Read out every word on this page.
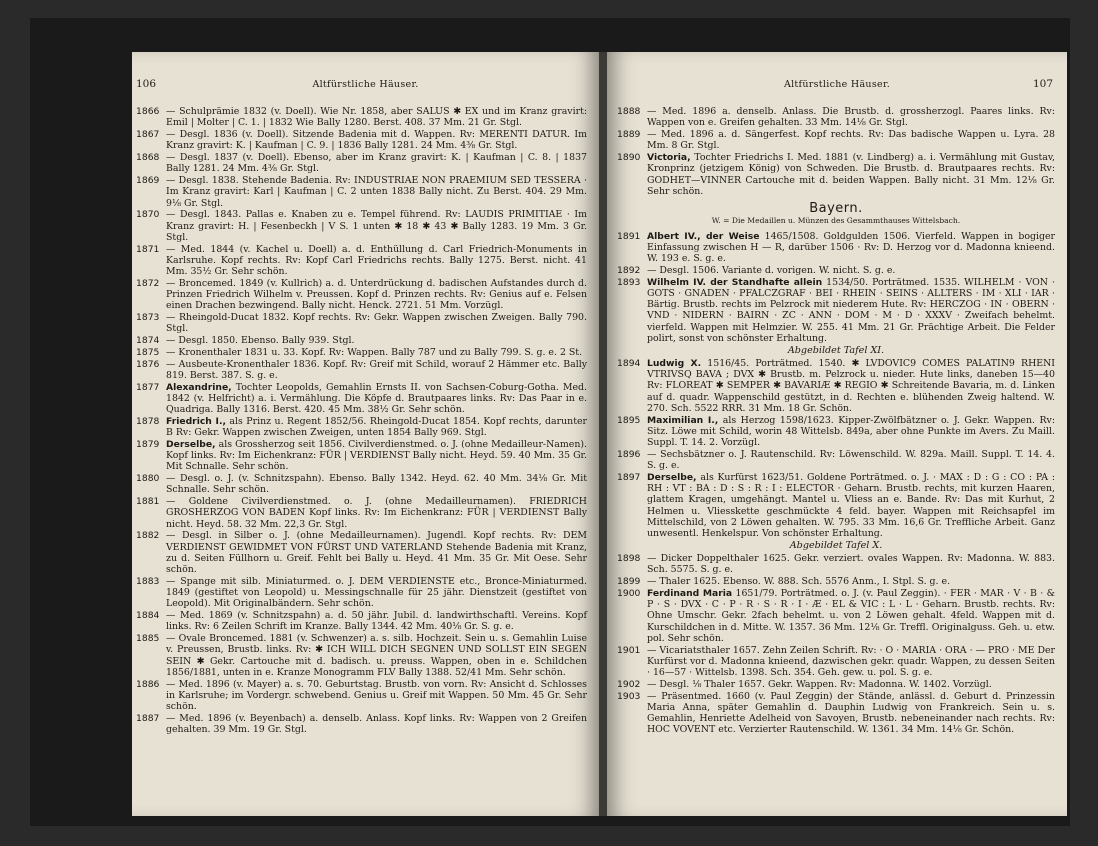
106	Altfürstliche Häuser.

1866 — Schulprämie 1832 (v. Doell). Wie Nr. 1858, aber SALUS ✱ EX und im Kranz gravirt: Emil | Molter | C. 1. | 1832 Wie Bally 1280. Berst. 408. 37 Mm. 21 Gr. Stgl.

1867 — Desgl. 1836 (v. Doell). Sitzende Badenia mit d. Wappen. Rv: MERENTI DATUR. Im Kranz gravirt: K. | Kaufman | C. 9. | 1836 Bally 1281. 24 Mm. 4⅜ Gr. Stgl.

1868 — Desgl. 1837 (v. Doell). Ebenso, aber im Kranz gravirt: K. | Kaufman | C. 8. | 1837 Bally 1281. 24 Mm. 4⅜ Gr. Stgl.

1869 — Desgl. 1838. Stehende Badenia. Rv: INDUSTRIAE NON PRAEMIUM SED TESSERA · Im Kranz gravirt: Karl | Kaufman | C. 2 unten 1838 Bally nicht. Zu Berst. 404. 29 Mm. 9⅛ Gr. Stgl.

1870 — Desgl. 1843. Pallas e. Knaben zu e. Tempel führend. Rv: LAUDIS PRIMITIAE · Im Kranz gravirt: H. | Fesenbeckh | V S. 1 unten ✱ 18 ✱ 43 ✱ Bally 1283. 19 Mm. 3 Gr. Stgl.

1871 — Med. 1844 (v. Kachel u. Doell) a. d. Enthüllung d. Carl Friedrich-Monuments in Karlsruhe. Kopf rechts. Rv: Kopf Carl Friedrichs rechts. Bally 1275. Berst. nicht. 41 Mm. 35½ Gr. Sehr schön.

1872 — Broncemed. 1849 (v. Kullrich) a. d. Unterdrückung d. badischen Aufstandes durch d. Prinzen Friedrich Wilhelm v. Preussen. Kopf d. Prinzen rechts. Rv: Genius auf e. Felsen einen Drachen bezwingend. Bally nicht. Henck. 2721. 51 Mm. Vorzügl.

1873 — Rheingold-Ducat 1832. Kopf rechts. Rv: Gekr. Wappen zwischen Zweigen. Bally 790. Stgl.

1874 — Desgl. 1850. Ebenso. Bally 939. Stgl.

1875 — Kronenthaler 1831 u. 33. Kopf. Rv: Wappen. Bally 787 und zu Bally 799. S. g. e. 2 St.

1876 — Ausbeute-Kronenthaler 1836. Kopf. Rv: Greif mit Schild, worauf 2 Hämmer etc. Bally 819. Berst. 387. S. g. e.

1877 Alexandrine, Tochter Leopolds, Gemahlin Ernsts II. von Sachsen-Coburg-Gotha. Med. 1842 (v. Helfricht) a. i. Vermählung. Die Köpfe d. Brautpaares links. Rv: Das Paar in e. Quadriga. Bally 1316. Berst. 420. 45 Mm. 38½ Gr. Sehr schön.

1878 Friedrich I., als Prinz u. Regent 1852/56. Rheingold-Ducat 1854. Kopf rechts, darunter B Rv: Gekr. Wappen zwischen Zweigen, unten 1854 Bally 969. Stgl.

1879 Derselbe, als Grossherzog seit 1856. Civilverdienstmed. o. J. (ohne Medailleur-Namen). Kopf links. Rv: Im Eichenkranz: FÜR | VERDIENST Bally nicht. Heyd. 59. 40 Mm. 35 Gr. Mit Schnalle. Sehr schön.

1880 — Desgl. o. J. (v. Schnitzspahn). Ebenso. Bally 1342. Heyd. 62. 40 Mm. 34⅛ Gr. Mit Schnalle. Sehr schön.

1881 — Goldene Civilverdienstmed. o. J. (ohne Medailleurnamen). FRIEDRICH GROSHERZOG VON BADEN Kopf links. Rv: Im Eichenkranz: FÜR | VERDIENST Bally nicht. Heyd. 58. 32 Mm. 22,3 Gr. Stgl.

1882 — Desgl. in Silber o. J. (ohne Medailleurnamen). Jugendl. Kopf rechts. Rv: DEM VERDIENST GEWIDMET VON FÜRST UND VATERLAND Stehende Badenia mit Kranz, zu d. Seiten Füllhorn u. Greif. Fehlt bei Bally u. Heyd. 41 Mm. 35 Gr. Mit Oese. Sehr schön.

1883 — Spange mit silb. Miniaturmed. o. J. DEM VERDIENSTE etc., Bronce-Miniaturmed. 1849 (gestiftet von Leopold) u. Messingschnalle für 25 jähr. Dienstzeit (gestiftet von Leopold). Mit Originalbändern. Sehr schön.

1884 — Med. 1869 (v. Schnitzspahn) a. d. 50 jähr. Jubil. d. landwirthschaftl. Vereins. Kopf links. Rv: 6 Zeilen Schrift im Kranze. Bally 1344. 42 Mm. 40⅛ Gr. S. g. e.

1885 — Ovale Broncemed. 1881 (v. Schwenzer) a. s. silb. Hochzeit. Sein u. s. Gemahlin Luise v. Preussen, Brustb. links. Rv: ✱ ICH WILL DICH SEGNEN UND SOLLST EIN SEGEN SEIN ✱ Gekr. Cartouche mit d. badisch. u. preuss. Wappen, oben in e. Schildchen 1856/1881, unten in e. Kranze Monogramm FLV Bally 1388. 52/41 Mm. Sehr schön.

1886 — Med. 1896 (v. Mayer) a. s. 70. Geburtstag. Brustb. von vorn. Rv: Ansicht d. Schlosses in Karlsruhe; im Vordergr. schwebend. Genius u. Greif mit Wappen. 50 Mm. 45 Gr. Sehr schön.

1887 — Med. 1896 (v. Beyenbach) a. denselb. Anlass. Kopf links. Rv: Wappen von 2 Greifen gehalten. 39 Mm. 19 Gr. Stgl.

Altfürstliche Häuser.	107

1888 — Med. 1896 a. denselb. Anlass. Die Brustb. d. grossherzogl. Paares links. Rv: Wappen von e. Greifen gehalten. 33 Mm. 14⅛ Gr. Stgl.

1889 — Med. 1896 a. d. Sängerfest. Kopf rechts. Rv: Das badische Wappen u. Lyra. 28 Mm. 8 Gr. Stgl.

1890 Victoria, Tochter Friedrichs I. Med. 1881 (v. Lindberg) a. i. Vermählung mit Gustav, Kronprinz (jetzigem König) von Schweden. Die Brustb. d. Brautpaares rechts. Rv: GODHET—VINNER Cartouche mit d. beiden Wappen. Bally nicht. 31 Mm. 12⅛ Gr. Sehr schön.

Bayern.
W. = Die Medaillen u. Münzen des Gesammthauses Wittelsbach.

1891 Albert IV., der Weise 1465/1508. Goldgulden 1506. Vierfeld. Wappen in bogiger Einfassung zwischen H — R, darüber 1506 · Rv: D. Herzog vor d. Madonna knieend. W. 193 e. S. g. e.

1892 — Desgl. 1506. Variante d. vorigen. W. nicht. S. g. e.

1893 Wilhelm IV. der Standhafte allein 1534/50. Porträtmed. 1535. WILHELM · VON · GOTS · GNADEN · PFALCZGRAF · BEI · RHEIN · SEINS · ALLTERS · IM · XLI · IAR · Bärtig. Brustb. rechts im Pelzrock mit niederem Hute. Rv: HERCZOG · IN · OBERN · VND · NIDERN · BAIRN · ZC · ANN · DOM · M · D · XXXV · Zweifach behelmt. vierfeld. Wappen mit Helmzier. W. 255. 41 Mm. 21 Gr. Prächtige Arbeit. Die Felder polirt, sonst von schönster Erhaltung.

Abgebildet Tafel XI.

1894 Ludwig X. 1516/45. Porträtmed. 1540. ✱ LVDOVIC9 COMES PALATIN9 RHENI VTRIVSQ BAVA ; DVX ✱ Brustb. m. Pelzrock u. nieder. Hute links, daneben 15—40 Rv: FLOREAT ✱ SEMPER ✱ BAVARIÆ ✱ REGIO ✱ Schreitende Bavaria, m. d. Linken auf d. quadr. Wappenschild gestützt, in d. Rechten e. blühenden Zweig haltend. W. 270. Sch. 5522 RRR. 31 Mm. 18 Gr. Schön.

1895 Maximilian I., als Herzog 1598/1623. Kipper-Zwölfbätzner o. J. Gekr. Wappen. Rv: Sitz. Löwe mit Schild, worin 48 Wittelsb. 849a, aber ohne Punkte im Avers. Zu Maill. Suppl. T. 14. 2. Vorzügl.

1896 — Sechsbätzner o. J. Rautenschild. Rv: Löwenschild. W. 829a. Maill. Suppl. T. 14. 4. S. g. e.

1897 Derselbe, als Kurfürst 1623/51. Goldene Porträtmed. o. J. · MAX : D : G : CO : PA : RH : VT : BA : D : S : R : I : ELECTOR · Geharn. Brustb. rechts, mit kurzen Haaren, glattem Kragen, umgehängt. Mantel u. Vliess an e. Bande. Rv: Das mit Kurhut, 2 Helmen u. Vliesskette geschmückte 4 feld. bayer. Wappen mit Reichsapfel im Mittelschild, von 2 Löwen gehalten. W. 795. 33 Mm. 16,6 Gr. Treffliche Arbeit. Ganz unwesentl. Henkelspur. Von schönster Erhaltung.

Abgebildet Tafel X.

1898 — Dicker Doppelthaler 1625. Gekr. verziert. ovales Wappen. Rv: Madonna. W. 883. Sch. 5575. S. g. e.

1899 — Thaler 1625. Ebenso. W. 888. Sch. 5576 Anm., I. Stpl. S. g. e.

1900 Ferdinand Maria 1651/79. Porträtmed. o. J. (v. Paul Zeggin). · FER · MAR · V · B · & P · S · DVX · C · P · R · S · R · I · Æ · EL & VIC : L · L · Geharn. Brustb. rechts. Rv: Ohne Umschr. Gekr. 2fach behelmt. u. von 2 Löwen gehalt. 4feld. Wappen mit d. Kurschildchen in d. Mitte. W. 1357. 36 Mm. 12⅛ Gr. Treffl. Originalguss. Geh. u. etw. pol. Sehr schön.

1901 — Vicariatsthaler 1657. Zehn Zeilen Schrift. Rv: · O · MARIA · ORA · — PRO · ME Der Kurfürst vor d. Madonna knieend, dazwischen gekr. quadr. Wappen, zu dessen Seiten · 16—57 · Wittelsb. 1398. Sch. 354. Geh. gew. u. pol. S. g. e.

1902 — Desgl. ⅛ Thaler 1657. Gekr. Wappen. Rv: Madonna. W. 1402. Vorzügl.

1903 — Präsentmed. 1660 (v. Paul Zeggin) der Stände, anlässl. d. Geburt d. Prinzessin Maria Anna, später Gemahlin d. Dauphin Ludwig von Frankreich. Sein u. s. Gemahlin, Henriette Adelheid von Savoyen, Brustb. nebeneinander nach rechts. Rv: HOC VOVENT etc. Verzierter Rautenschild. W. 1361. 34 Mm. 14⅛ Gr. Schön.
